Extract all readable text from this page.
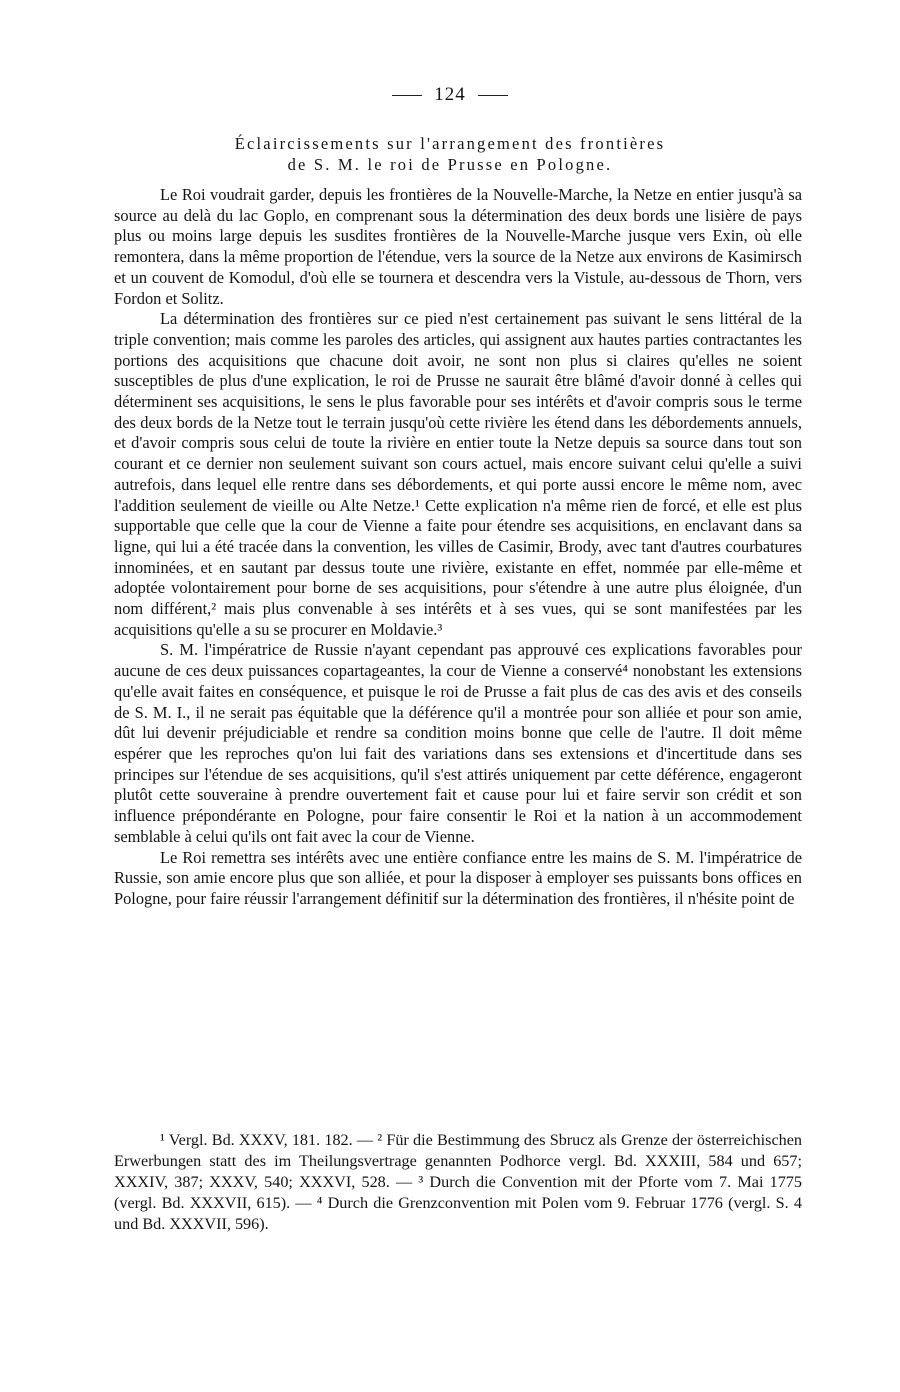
124
Éclaircissements sur l'arrangement des frontières
de S. M. le roi de Prusse en Pologne.

Le Roi voudrait garder, depuis les frontières de la Nouvelle-Marche, la Netze en entier jusqu'à sa source au delà du lac Goplo, en comprenant sous la détermination des deux bords une lisière de pays plus ou moins large depuis les susdites frontières de la Nouvelle-Marche jusque vers Exin, où elle remontera, dans la même proportion de l'étendue, vers la source de la Netze aux environs de Kasimirsch et un couvent de Komodul, d'où elle se tournera et descendra vers la Vistule, au-dessous de Thorn, vers Fordon et Solitz.

La détermination des frontières sur ce pied n'est certainement pas suivant le sens littéral de la triple convention; mais comme les paroles des articles, qui assignent aux hautes parties contractantes les portions des acquisitions que chacune doit avoir, ne sont non plus si claires qu'elles ne soient susceptibles de plus d'une explication, le roi de Prusse ne saurait être blâmé d'avoir donné à celles qui déterminent ses acquisitions, le sens le plus favorable pour ses intérêts et d'avoir compris sous le terme des deux bords de la Netze tout le terrain jusqu'où cette rivière les étend dans les débordements annuels, et d'avoir compris sous celui de toute la rivière en entier toute la Netze depuis sa source dans tout son courant et ce dernier non seulement suivant son cours actuel, mais encore suivant celui qu'elle a suivi autrefois, dans lequel elle rentre dans ses débordements, et qui porte aussi encore le même nom, avec l'addition seulement de vieille ou Alte Netze.¹ Cette explication n'a même rien de forcé, et elle est plus supportable que celle que la cour de Vienne a faite pour étendre ses acquisitions, en enclavant dans sa ligne, qui lui a été tracée dans la convention, les villes de Casimir, Brody, avec tant d'autres courbatures innominées, et en sautant par dessus toute une rivière, existante en effet, nommée par elle-même et adoptée volontairement pour borne de ses acquisitions, pour s'étendre à une autre plus éloignée, d'un nom différent,² mais plus convenable à ses intérêts et à ses vues, qui se sont manifestées par les acquisitions qu'elle a su se procurer en Moldavie.³

S. M. l'impératrice de Russie n'ayant cependant pas approuvé ces explications favorables pour aucune de ces deux puissances copartageantes, la cour de Vienne a conservé⁴ nonobstant les extensions qu'elle avait faites en conséquence, et puisque le roi de Prusse a fait plus de cas des avis et des conseils de S. M. I., il ne serait pas équitable que la déférence qu'il a montrée pour son alliée et pour son amie, dût lui devenir préjudiciable et rendre sa condition moins bonne que celle de l'autre. Il doit même espérer que les reproches qu'on lui fait des variations dans ses extensions et d'incertitude dans ses principes sur l'étendue de ses acquisitions, qu'il s'est attirés uniquement par cette déférence, engageront plutôt cette souveraine à prendre ouvertement fait et cause pour lui et faire servir son crédit et son influence prépondérante en Pologne, pour faire consentir le Roi et la nation à un accommodement semblable à celui qu'ils ont fait avec la cour de Vienne.

Le Roi remettra ses intérêts avec une entière confiance entre les mains de S. M. l'impératrice de Russie, son amie encore plus que son alliée, et pour la disposer à employer ses puissants bons offices en Pologne, pour faire réussir l'arrangement définitif sur la détermination des frontières, il n'hésite point de

¹ Vergl. Bd. XXXV, 181. 182. — ² Für die Bestimmung des Sbrucz als Grenze der österreichischen Erwerbungen statt des im Theilungsvertrage genannten Podhorce vergl. Bd. XXXIII, 584 und 657; XXXIV, 387; XXXV, 540; XXXVI, 528. — ³ Durch die Convention mit der Pforte vom 7. Mai 1775 (vergl. Bd. XXXVII, 615). — ⁴ Durch die Grenzconvention mit Polen vom 9. Februar 1776 (vergl. S. 4 und Bd. XXXVII, 596).
